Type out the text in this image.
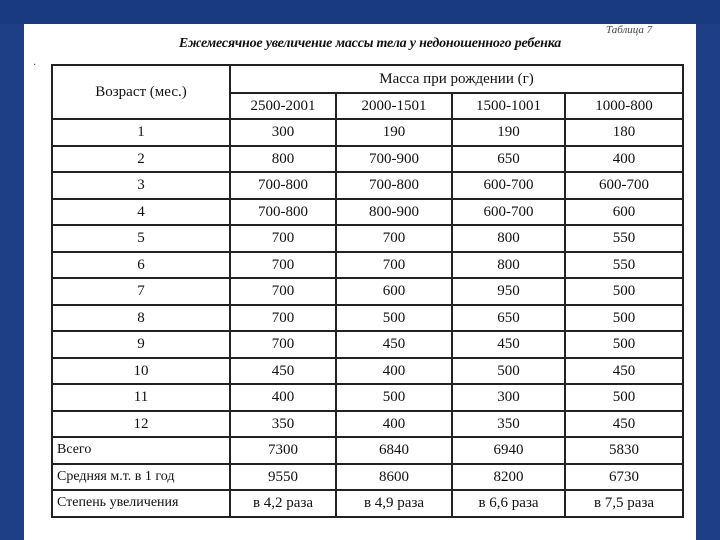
Таблица 7
Ежемесячное увеличение массы тела у недоношенного ребенка
·
Возраст (мес.)	Масса при рождении (г)			
	2500-2001	2000-1501	1500-1001	1000-800
1	300	190	190	180
2	800	700-900	650	400
3	700-800	700-800	600-700	600-700
4	700-800	800-900	600-700	600
5	700	700	800	550
6	700	700	800	550
7	700	600	950	500
8	700	500	650	500
9	700	450	450	500
10	450	400	500	450
11	400	500	300	500
12	350	400	350	450
Всего	7300	6840	6940	5830
Средняя м.т. в 1 год	9550	8600	8200	6730
Степень увеличения	в 4,2 раза	в 4,9 раза	в 6,6 раза	в 7,5 раза
